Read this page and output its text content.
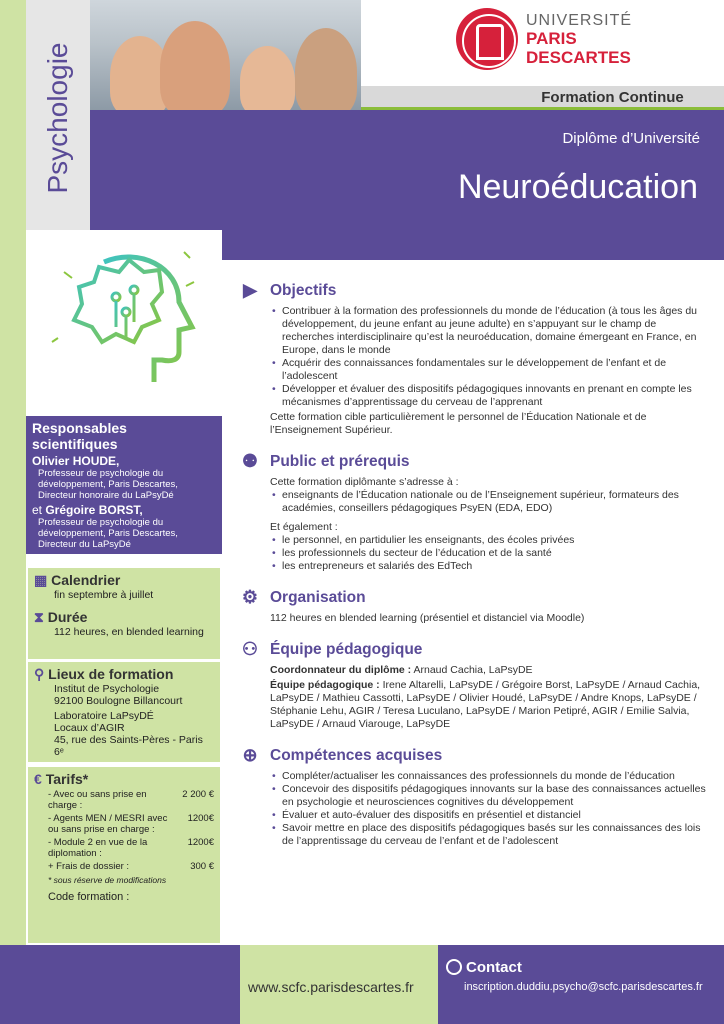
Psychologie
UNIVERSITÉ
PARIS
DESCARTES
Formation Continue
Diplôme d’Université
Neuroéducation
Responsables scientifiques
Olivier HOUDE,
Professeur de psychologie du développement, Paris Descartes, Directeur honoraire du LaPsyDé
et Grégoire BORST,
Professeur de psychologie du développement, Paris Descartes, Directeur du LaPsyDé
▦ Calendrier
fin septembre à juillet
⧗ Durée
112 heures, en blended learning
⚲ Lieux de formation
Institut de Psychologie
92100 Boulogne Billancourt
Laboratoire LaPsyDÉ
Locaux d’AGIR
45, rue des Saints-Pères - Paris 6ᵉ
€ Tarifs*
- Avec ou sans prise en charge :
2 200 €
- Agents MEN / MESRI avec ou sans prise en charge :
1200€
- Module 2 en vue de la diplomation :
1200€
+ Frais de dossier :	300 €
* sous réserve de modifications
Code formation :
▶ Objectifs
• Contribuer à la formation des professionnels du monde de l’éducation (à tous les âges du développement, du jeune enfant au jeune adulte) en s’appuyant sur le champ de recherches interdisciplinaire qu’est la neuroéducation, domaine émergeant en France, en Europe, dans le monde
• Acquérir des connaissances fondamentales sur le développement de l’enfant et de l’adolescent
• Développer et évaluer des dispositifs pédagogiques innovants en prenant en compte les mécanismes d’apprentissage du cerveau de l’apprenant

Cette formation cible particulièrement le personnel de l’Éducation Nationale et de l’Enseignement Supérieur.

⚉ Public et prérequis

Cette formation diplômante s’adresse à :

• enseignants de l’Éducation nationale ou de l’Enseignement supérieur, formateurs des académies, conseillers pédagogiques PsyEN (EDA, EDO)

Et également :

• le personnel, en partidulier les enseignants, des écoles privées
• les professionnels du secteur de l’éducation et de la santé
• les entrepreneurs et salariés des EdTech
⚙ Organisation

112 heures en blended learning (présentiel et distanciel via Moodle)

⚇ Équipe pédagogique

Coordonnateur du diplôme : Arnaud Cachia, LaPsyDE

Équipe pédagogique : Irene Altarelli, LaPsyDE / Grégoire Borst, LaPsyDE / Arnaud Cachia, LaPsyDE / Mathieu Cassotti, LaPsyDE / Olivier Houdé, LaPsyDE / Andre Knops, LaPsyDE / Stéphanie Lehu, AGIR / Teresa Luculano, LaPsyDE / Marion Petipré, AGIR / Emilie Salvia, LaPsyDE / Arnaud Viarouge, LaPsyDE

⊕ Compétences acquises
• Compléter/actualiser les connaissances des professionnels du monde de l’éducation
• Concevoir des dispositifs pédagogiques innovants sur la base des connaissances actuelles en psychologie et neurosciences cognitives du développement
• Évaluer et auto-évaluer des dispositifs en présentiel et distanciel
• Savoir mettre en place des dispositifs pédagogiques basés sur les connaissances des lois de l’apprentissage du cerveau de l’enfant et de l’adolescent
www.scfc.parisdescartes.fr
Contact
inscription.duddiu.psycho@scfc.parisdescartes.fr
